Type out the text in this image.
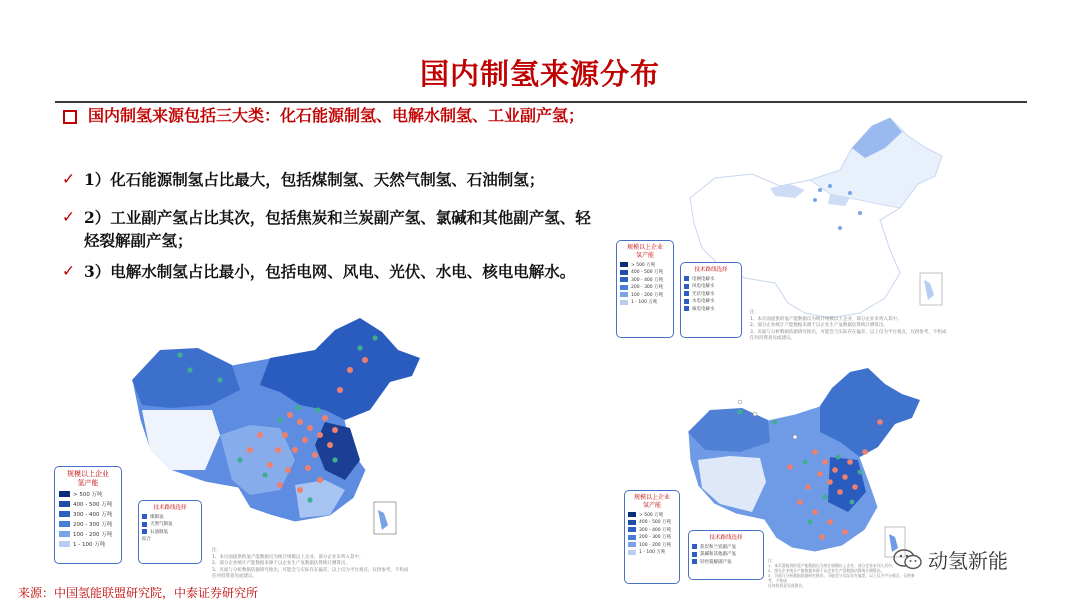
国内制氢来源分布
国内制氢来源包括三大类：化石能源制氢、电解水制氢、工业副产氢；
✓ 1）化石能源制氢占比最大，包括煤制氢、天然气制氢、石油制氢；
✓ 2）工业副产氢占比其次，包括焦炭和兰炭副产氢、氯碱和其他副产氢、轻烃裂解副产氢；
✓ 3）电解水制氢占比最小，包括电网、风电、光伏、水电、核电电解水。
规模以上企业
氢产能
> 500 万吨
400 - 500 万吨
300 - 400 万吨
200 - 300 万吨
100 - 200 万吨
1 - 100 万吨
技术路线选择
煤制氢
天然气制氢
石油制氢
综合
注：
1、本页面提供的氢产能数据仅为统计规模以上企业，部分企业未列入其中。
2、部分企业统计产能数据来源于以企业生产氢数据估算统计测算出。
3、页面与分析数据依据研究推出，可能会与实际存在偏差，以上仅为平台观点，仅供参考，不构成
任何投资意见或建议。
规模以上企业
氢产能
> 500 万吨
400 - 500 万吨
300 - 400 万吨
200 - 300 万吨
100 - 200 万吨
1 - 100 万吨
技术路线选择
电网电解水
风电电解水
光伏电解水
水电电解水
核电电解水
注：
1、本页面提供的氢产能数据仅为统计规模以上企业，部分企业未列入其中。
2、部分企业统计产能数据来源于以企业生产氢数据估算统计测算出。
3、页面与分析数据依据研究推出，可能会与实际存在偏差，以上仅为平台观点，仅供参考，不构成
任何投资意见或建议。
规模以上企业
氢产能
> 500 万吨
400 - 500 万吨
300 - 400 万吨
200 - 300 万吨
100 - 200 万吨
1 - 100 万吨
技术路线选择
焦炭和兰炭副产氢
氯碱和其他副产氢
轻烃裂解副产氢	注：
1、本页面提供的氢产能数据仅为统计规模以上企业，部分企业未列入其中。
2、部分企业统计产能数据来源于以企业生产氢数据估算统计测算出。
3、页面与分析数据依据研究推出，可能会与实际存在偏差，以上仅为平台观点，仅供参考，不构成
任何投资意见或建议。
来源：中国氢能联盟研究院，中泰证券研究所
动氢新能
